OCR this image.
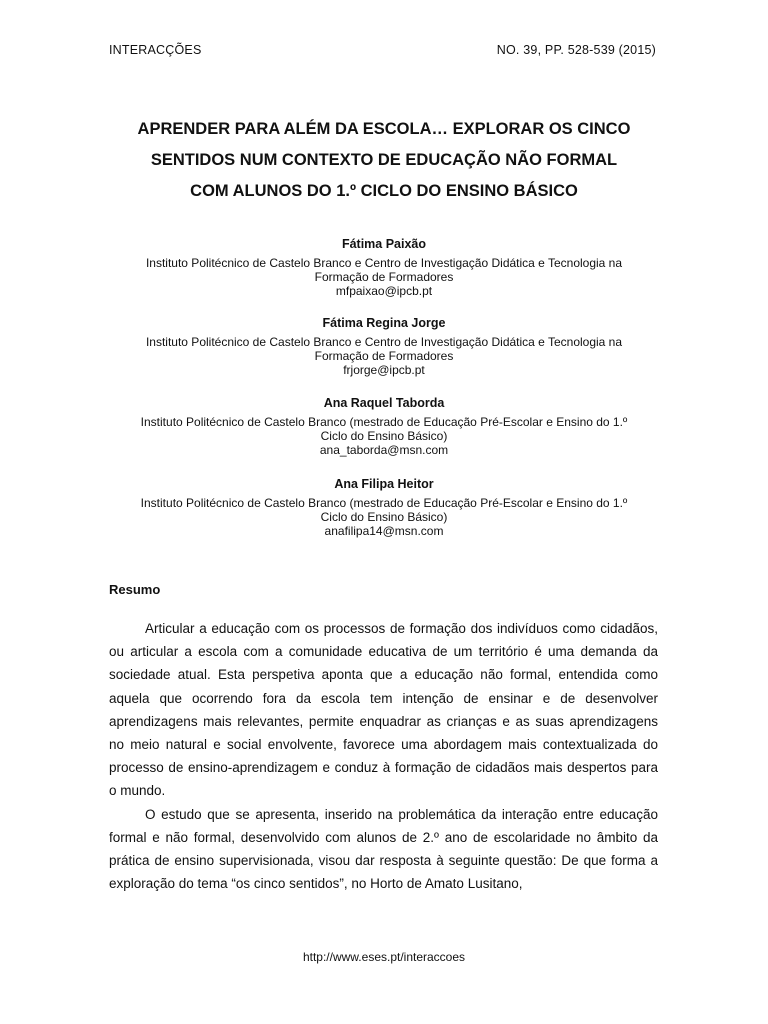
INTERACÇÕES	NO. 39, PP. 528-539 (2015)
APRENDER PARA ALÉM DA ESCOLA… EXPLORAR OS CINCO
SENTIDOS NUM CONTEXTO DE EDUCAÇÃO NÃO FORMAL
COM ALUNOS DO 1.º CICLO DO ENSINO BÁSICO
Fátima Paixão
Instituto Politécnico de Castelo Branco e Centro de Investigação Didática e Tecnologia na
Formação de Formadores
mfpaixao@ipcb.pt
Fátima Regina Jorge
Instituto Politécnico de Castelo Branco e Centro de Investigação Didática e Tecnologia na
Formação de Formadores
frjorge@ipcb.pt
Ana Raquel Taborda
Instituto Politécnico de Castelo Branco (mestrado de Educação Pré-Escolar e Ensino do 1.º
Ciclo do Ensino Básico)
ana_taborda@msn.com
Ana Filipa Heitor
Instituto Politécnico de Castelo Branco (mestrado de Educação Pré-Escolar e Ensino do 1.º
Ciclo do Ensino Básico)
anafilipa14@msn.com
Resumo

Articular a educação com os processos de formação dos indivíduos como cidadãos, ou articular a escola com a comunidade educativa de um território é uma demanda da sociedade atual. Esta perspetiva aponta que a educação não formal, entendida como aquela que ocorrendo fora da escola tem intenção de ensinar e de desenvolver aprendizagens mais relevantes, permite enquadrar as crianças e as suas aprendizagens no meio natural e social envolvente, favorece uma abordagem mais contextualizada do processo de ensino-aprendizagem e conduz à formação de cidadãos mais despertos para o mundo.

O estudo que se apresenta, inserido na problemática da interação entre educação formal e não formal, desenvolvido com alunos de 2.º ano de escolaridade no âmbito da prática de ensino supervisionada, visou dar resposta à seguinte questão: De que forma a exploração do tema “os cinco sentidos”, no Horto de Amato Lusitano,

http://www.eses.pt/interaccoes
